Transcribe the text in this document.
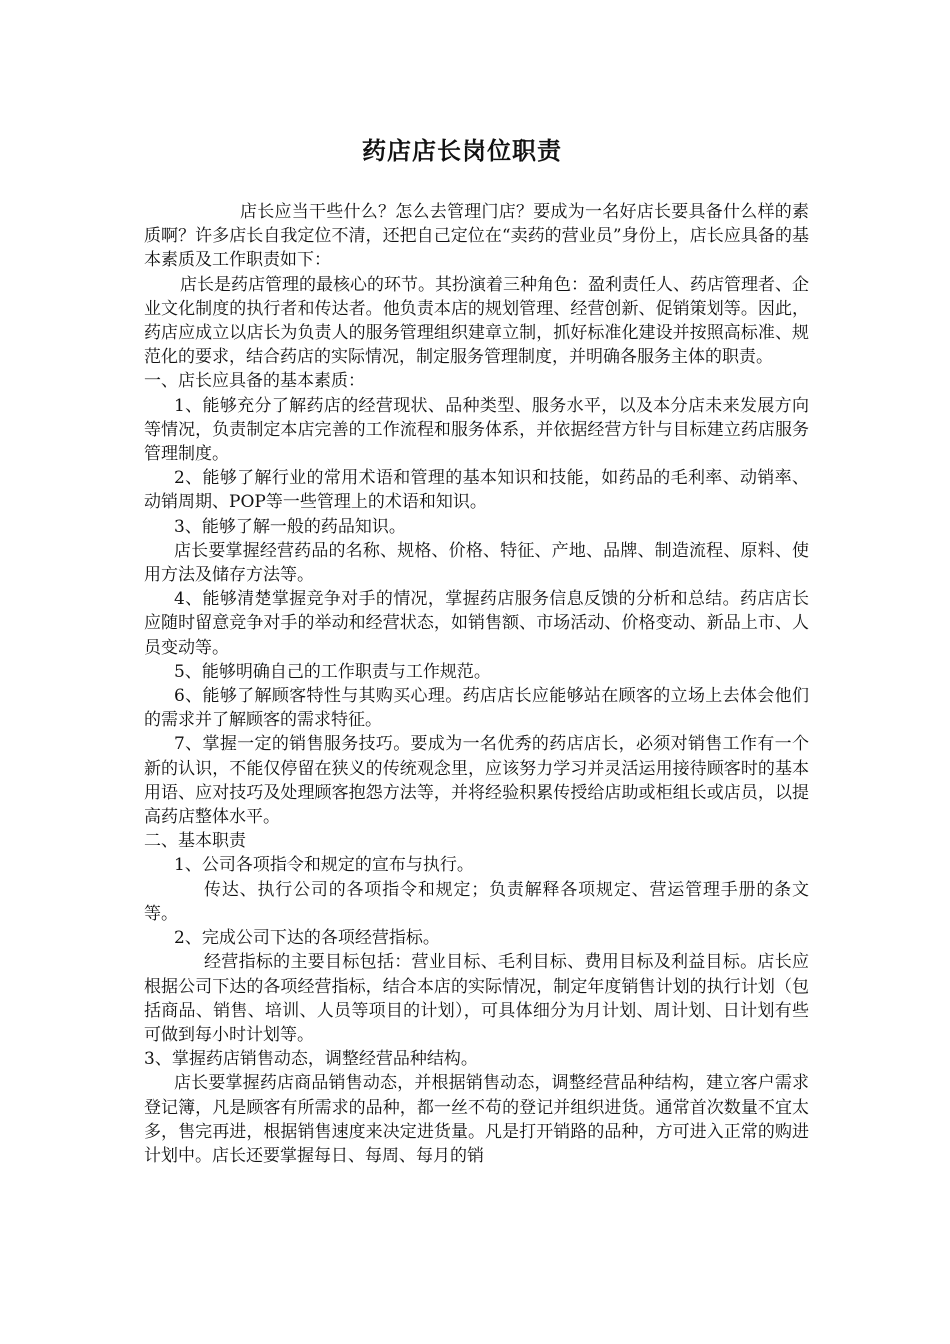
药店店长岗位职责

店长应当干些什么？怎么去管理门店？要成为一名好店长要具备什么样的素质啊？许多店长自我定位不清，还把自己定位在“卖药的营业员”身份上，店长应具备的基本素质及工作职责如下：

店长是药店管理的最核心的环节。其扮演着三种角色：盈利责任人、药店管理者、企业文化制度的执行者和传达者。他负责本店的规划管理、经营创新、促销策划等。因此，药店应成立以店长为负责人的服务管理组织建章立制，抓好标准化建设并按照高标准、规范化的要求，结合药店的实际情况，制定服务管理制度，并明确各服务主体的职责。

一、店长应具备的基本素质：

1、能够充分了解药店的经营现状、品种类型、服务水平，以及本分店未来发展方向等情况，负责制定本店完善的工作流程和服务体系，并依据经营方针与目标建立药店服务管理制度。

2、能够了解行业的常用术语和管理的基本知识和技能，如药品的毛利率、动销率、动销周期、POP等一些管理上的术语和知识。

3、能够了解一般的药品知识。

店长要掌握经营药品的名称、规格、价格、特征、产地、品牌、制造流程、原料、使用方法及储存方法等。

4、能够清楚掌握竞争对手的情况，掌握药店服务信息反馈的分析和总结。药店店长应随时留意竞争对手的举动和经营状态，如销售额、市场活动、价格变动、新品上市、人员变动等。

5、能够明确自己的工作职责与工作规范。

6、能够了解顾客特性与其购买心理。药店店长应能够站在顾客的立场上去体会他们的需求并了解顾客的需求特征。

7、掌握一定的销售服务技巧。要成为一名优秀的药店店长，必须对销售工作有一个新的认识，不能仅停留在狭义的传统观念里，应该努力学习并灵活运用接待顾客时的基本用语、应对技巧及处理顾客抱怨方法等，并将经验积累传授给店助或柜组长或店员，以提高药店整体水平。

二、基本职责

1、公司各项指令和规定的宣布与执行。

传达、执行公司的各项指令和规定；负责解释各项规定、营运管理手册的条文等。

2、完成公司下达的各项经营指标。

经营指标的主要目标包括：营业目标、毛利目标、费用目标及利益目标。店长应根据公司下达的各项经营指标，结合本店的实际情况，制定年度销售计划的执行计划（包括商品、销售、培训、人员等项目的计划），可具体细分为月计划、周计划、日计划有些可做到每小时计划等。

3、掌握药店销售动态，调整经营品种结构。

店长要掌握药店商品销售动态，并根据销售动态，调整经营品种结构，建立客户需求登记簿，凡是顾客有所需求的品种，都一丝不苟的登记并组织进货。通常首次数量不宜太多，售完再进，根据销售速度来决定进货量。凡是打开销路的品种，方可进入正常的购进计划中。店长还要掌握每日、每周、每月的销
